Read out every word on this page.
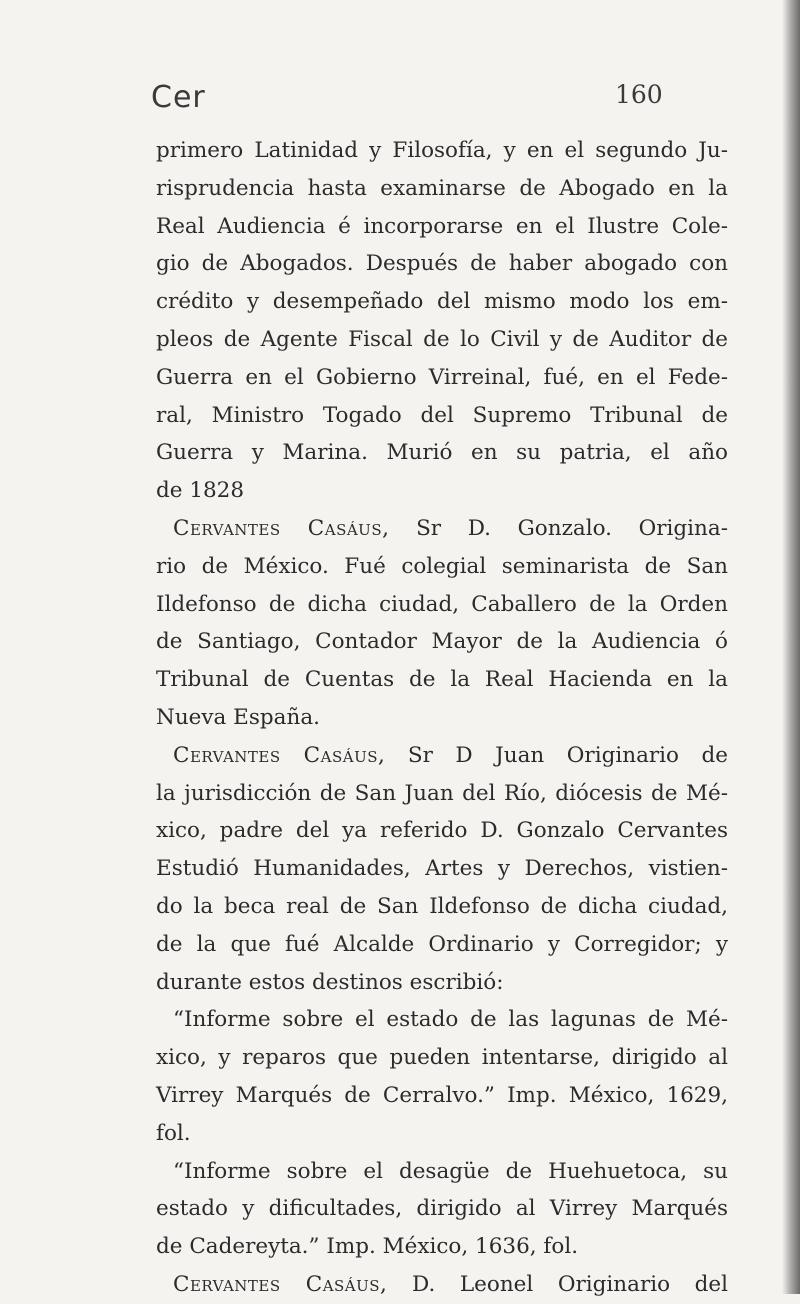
Cer	160
primero Latinidad y Filosofía, y en el segundo Ju-
risprudencia hasta examinarse de Abogado en la
Real Audiencia é incorporarse en el Ilustre Cole-
gio de Abogados. Después de haber abogado con
crédito y desempeñado del mismo modo los em-
pleos de Agente Fiscal de lo Civil y de Auditor de
Guerra en el Gobierno Virreinal, fué, en el Fede-
ral, Ministro Togado del Supremo Tribunal de
Guerra y Marina. Murió en su patria, el año
de 1828
Cervantes Casáus, Sr D. Gonzalo. Origina-
rio de México. Fué colegial seminarista de San
Ildefonso de dicha ciudad, Caballero de la Orden
de Santiago, Contador Mayor de la Audiencia ó
Tribunal de Cuentas de la Real Hacienda en la
Nueva España.
Cervantes Casáus, Sr D Juan Originario de
la jurisdicción de San Juan del Río, diócesis de Mé-
xico, padre del ya referido D. Gonzalo Cervantes
Estudió Humanidades, Artes y Derechos, vistien-
do la beca real de San Ildefonso de dicha ciudad,
de la que fué Alcalde Ordinario y Corregidor; y
durante estos destinos escribió:
“Informe sobre el estado de las lagunas de Mé-
xico, y reparos que pueden intentarse, dirigido al
Virrey Marqués de Cerralvo.” Imp. México, 1629,
fol.
“Informe sobre el desagüe de Huehuetoca, su
estado y dificultades, dirigido al Virrey Marqués
de Cadereyta.” Imp. México, 1636, fol.
Cervantes Casáus, D. Leonel Originario del
